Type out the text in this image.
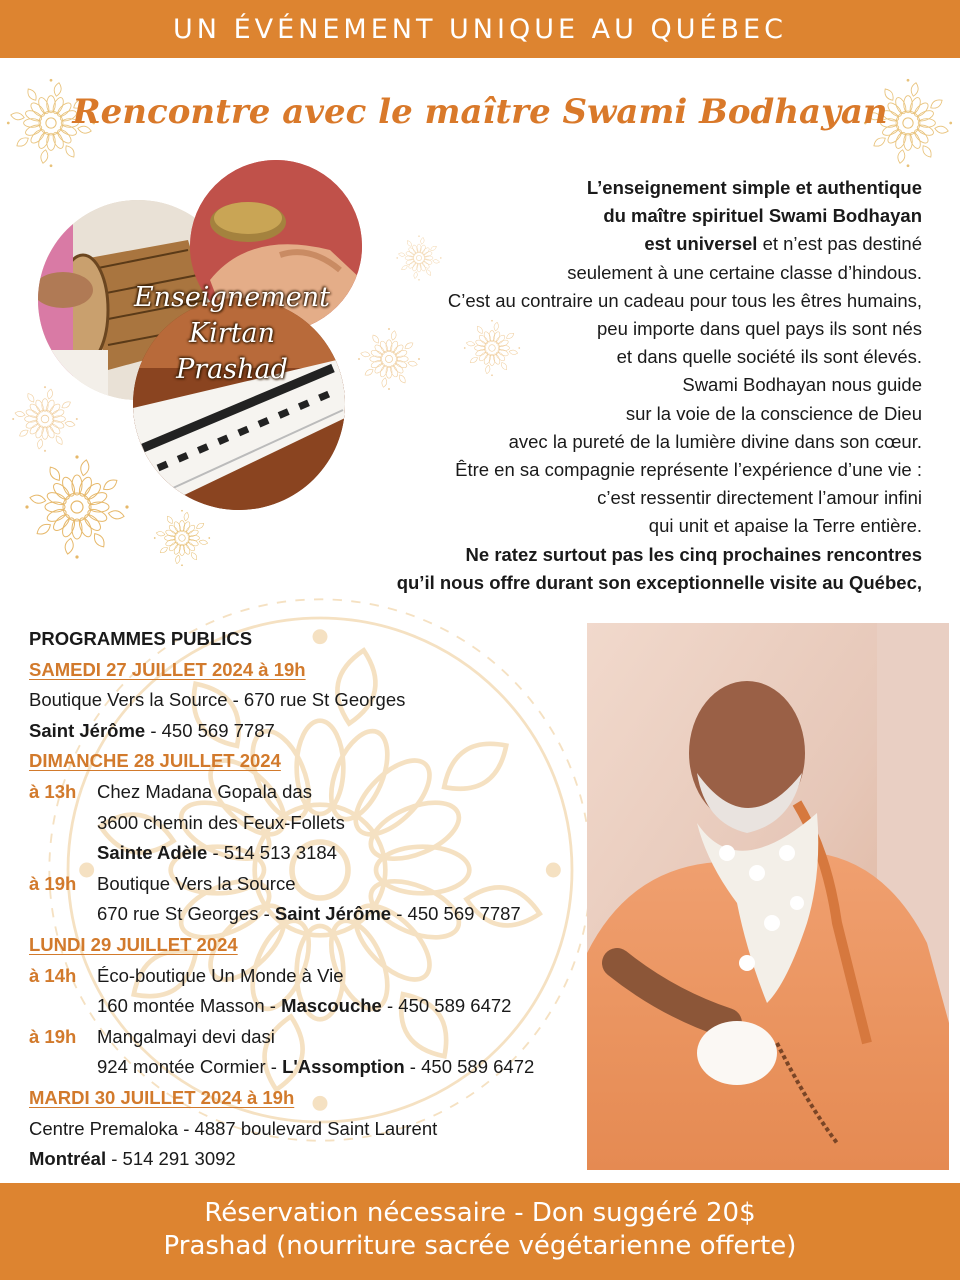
UN ÉVÉNEMENT UNIQUE AU QUÉBEC
Rencontre avec le maître Swami Bodhayan
Enseignement
Kirtan
Prashad

L’enseignement simple et authentique

du maître spirituel Swami Bodhayan

est universel et n’est pas destiné

seulement à une certaine classe d’hindous.

C’est au contraire un cadeau pour tous les êtres humains,

peu importe dans quel pays ils sont nés

et dans quelle société ils sont élevés.

Swami Bodhayan nous guide

sur la voie de la conscience de Dieu

avec la pureté de la lumière divine dans son cœur.

Être en sa compagnie représente l’expérience d’une vie :

c’est ressentir directement l’amour infini

qui unit et apaise la Terre entière.

Ne ratez surtout pas les cinq prochaines rencontres

qu’il nous offre durant son exceptionnelle visite au Québec,

PROGRAMMES PUBLICS
SAMEDI 27 JUILLET 2024 à 19h
Boutique Vers la Source - 670 rue St Georges
Saint Jérôme - 450 569 7787
DIMANCHE 28 JUILLET 2024
à 13h Chez Madana Gopala das
3600 chemin des Feux-Follets
Sainte Adèle - 514 513 3184
à 19h Boutique Vers la Source
670 rue St Georges - Saint Jérôme - 450 569 7787
LUNDI 29 JUILLET 2024
à 14h Éco-boutique Un Monde à Vie
160 montée Masson - Mascouche - 450 589 6472
à 19h Mangalmayi devi dasi
924 montée Cormier - L'Assomption - 450 589 6472
MARDI 30 JUILLET 2024 à 19h
Centre Premaloka - 4887 boulevard Saint Laurent
Montréal - 514 291 3092
Réservation nécessaire - Don suggéré 20$
Prashad (nourriture sacrée végétarienne offerte)
